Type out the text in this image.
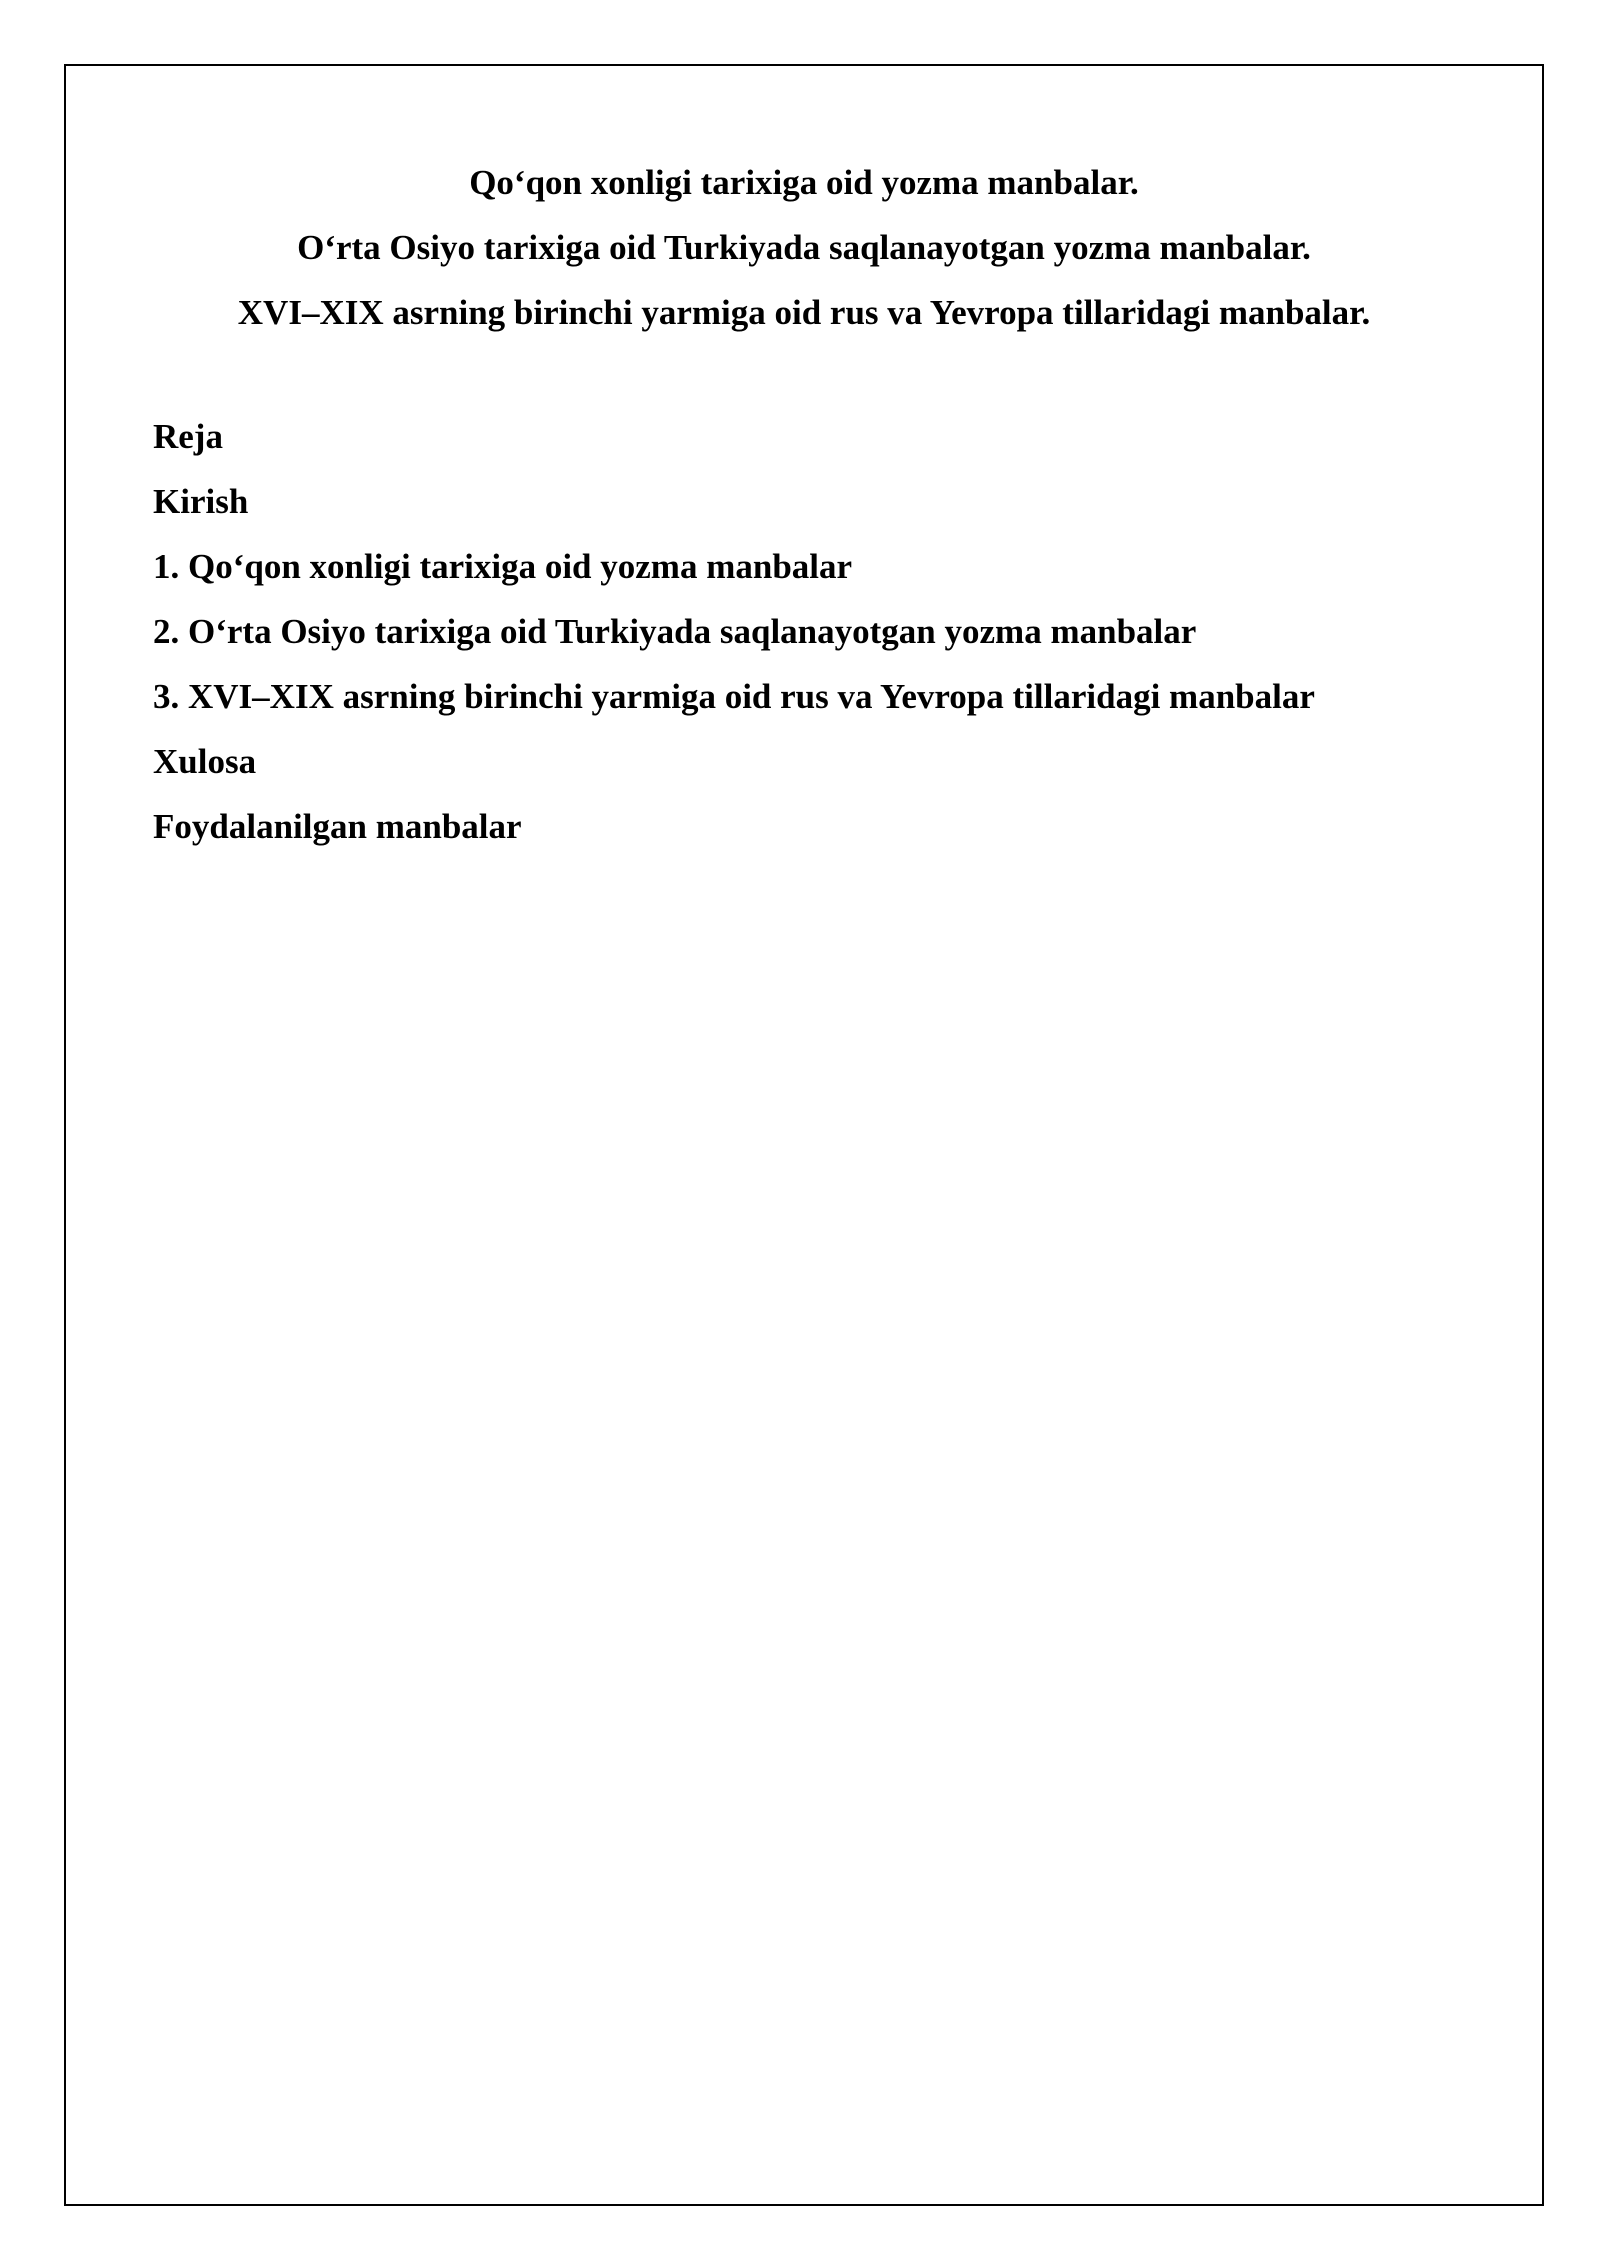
Qo‘qon xonligi tarixiga oid yozma manbalar.
O‘rta Osiyo tarixiga oid Turkiyada saqlanayotgan yozma manbalar.
XVI–XIX asrning birinchi yarmiga oid rus va Yevropa tillaridagi manbalar.
Reja
Kirish
1. Qo‘qon xonligi tarixiga oid yozma manbalar
2. O‘rta Osiyo tarixiga oid Turkiyada saqlanayotgan yozma manbalar
3. XVI–XIX asrning birinchi yarmiga oid rus va Yevropa tillaridagi manbalar
Xulosa
Foydalanilgan manbalar
